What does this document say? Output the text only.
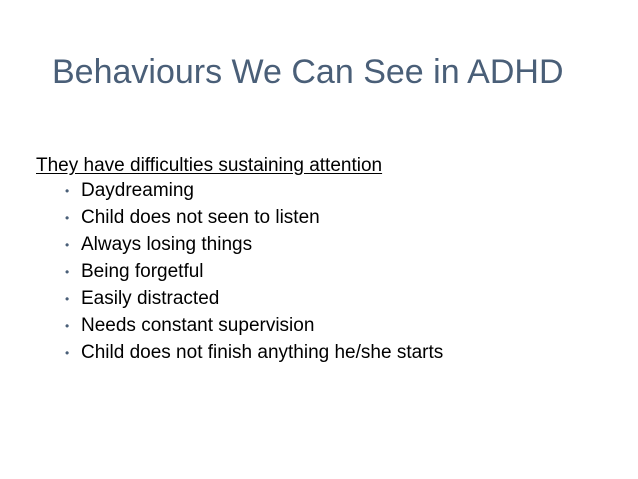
Behaviours We Can See in ADHD

They have difficulties sustaining attention

• Daydreaming
• Child does not seen to listen
• Always losing things
• Being forgetful
• Easily distracted
• Needs constant supervision
• Child does not finish anything he/she starts
